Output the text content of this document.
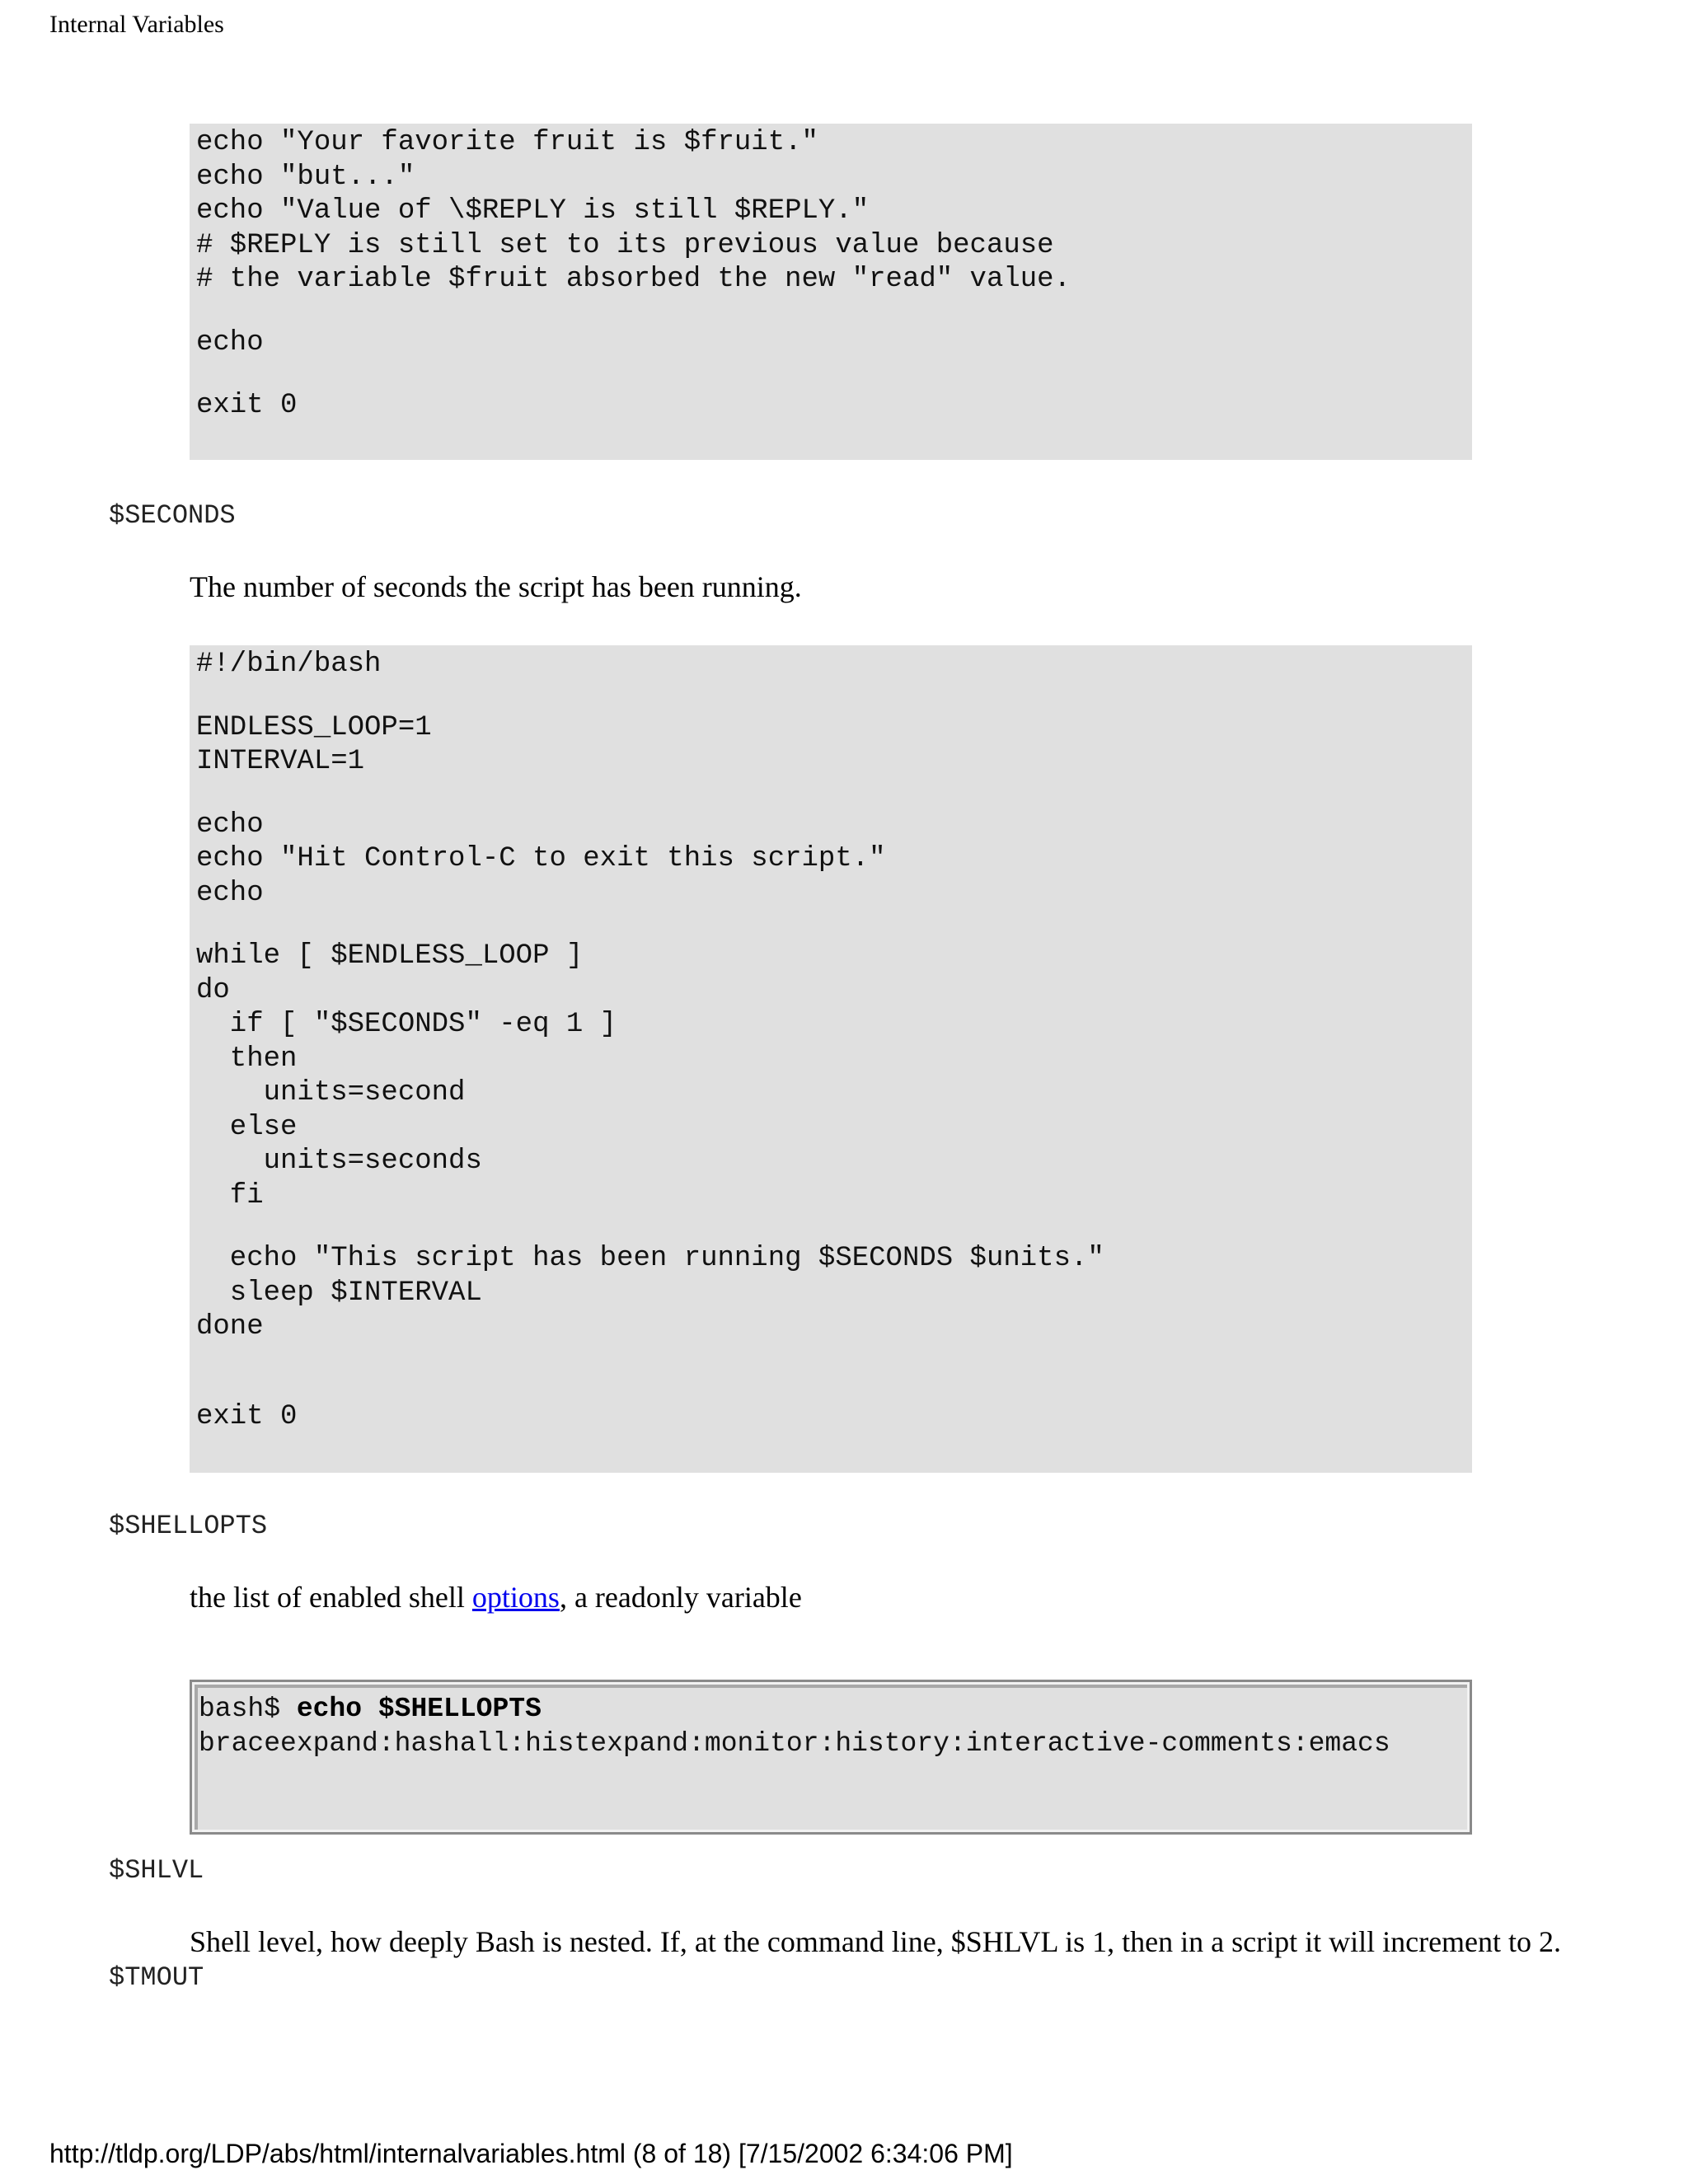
Internal Variables
echo "Your favorite fruit is $fruit."
echo "but..."
echo "Value of \$REPLY is still $REPLY."
# $REPLY is still set to its previous value because
# the variable $fruit absorbed the new "read" value.
echo
exit 0
$SECONDS
The number of seconds the script has been running.
#!/bin/bash
ENDLESS_LOOP=1
INTERVAL=1
echo
echo "Hit Control-C to exit this script."
echo
while [ $ENDLESS_LOOP ]
do
if [ "$SECONDS" -eq 1 ]
then
units=second
else
units=seconds
fi
echo "This script has been running $SECONDS $units."
sleep $INTERVAL
done
exit 0
$SHELLOPTS
the list of enabled shell options, a readonly variable
bash$ echo $SHELLOPTS
braceexpand:hashall:histexpand:monitor:history:interactive-comments:emacs
$SHLVL
Shell level, how deeply Bash is nested. If, at the command line, $SHLVL is 1, then in a script it will increment to 2.
$TMOUT
http://tldp.org/LDP/abs/html/internalvariables.html (8 of 18) [7/15/2002 6:34:06 PM]
